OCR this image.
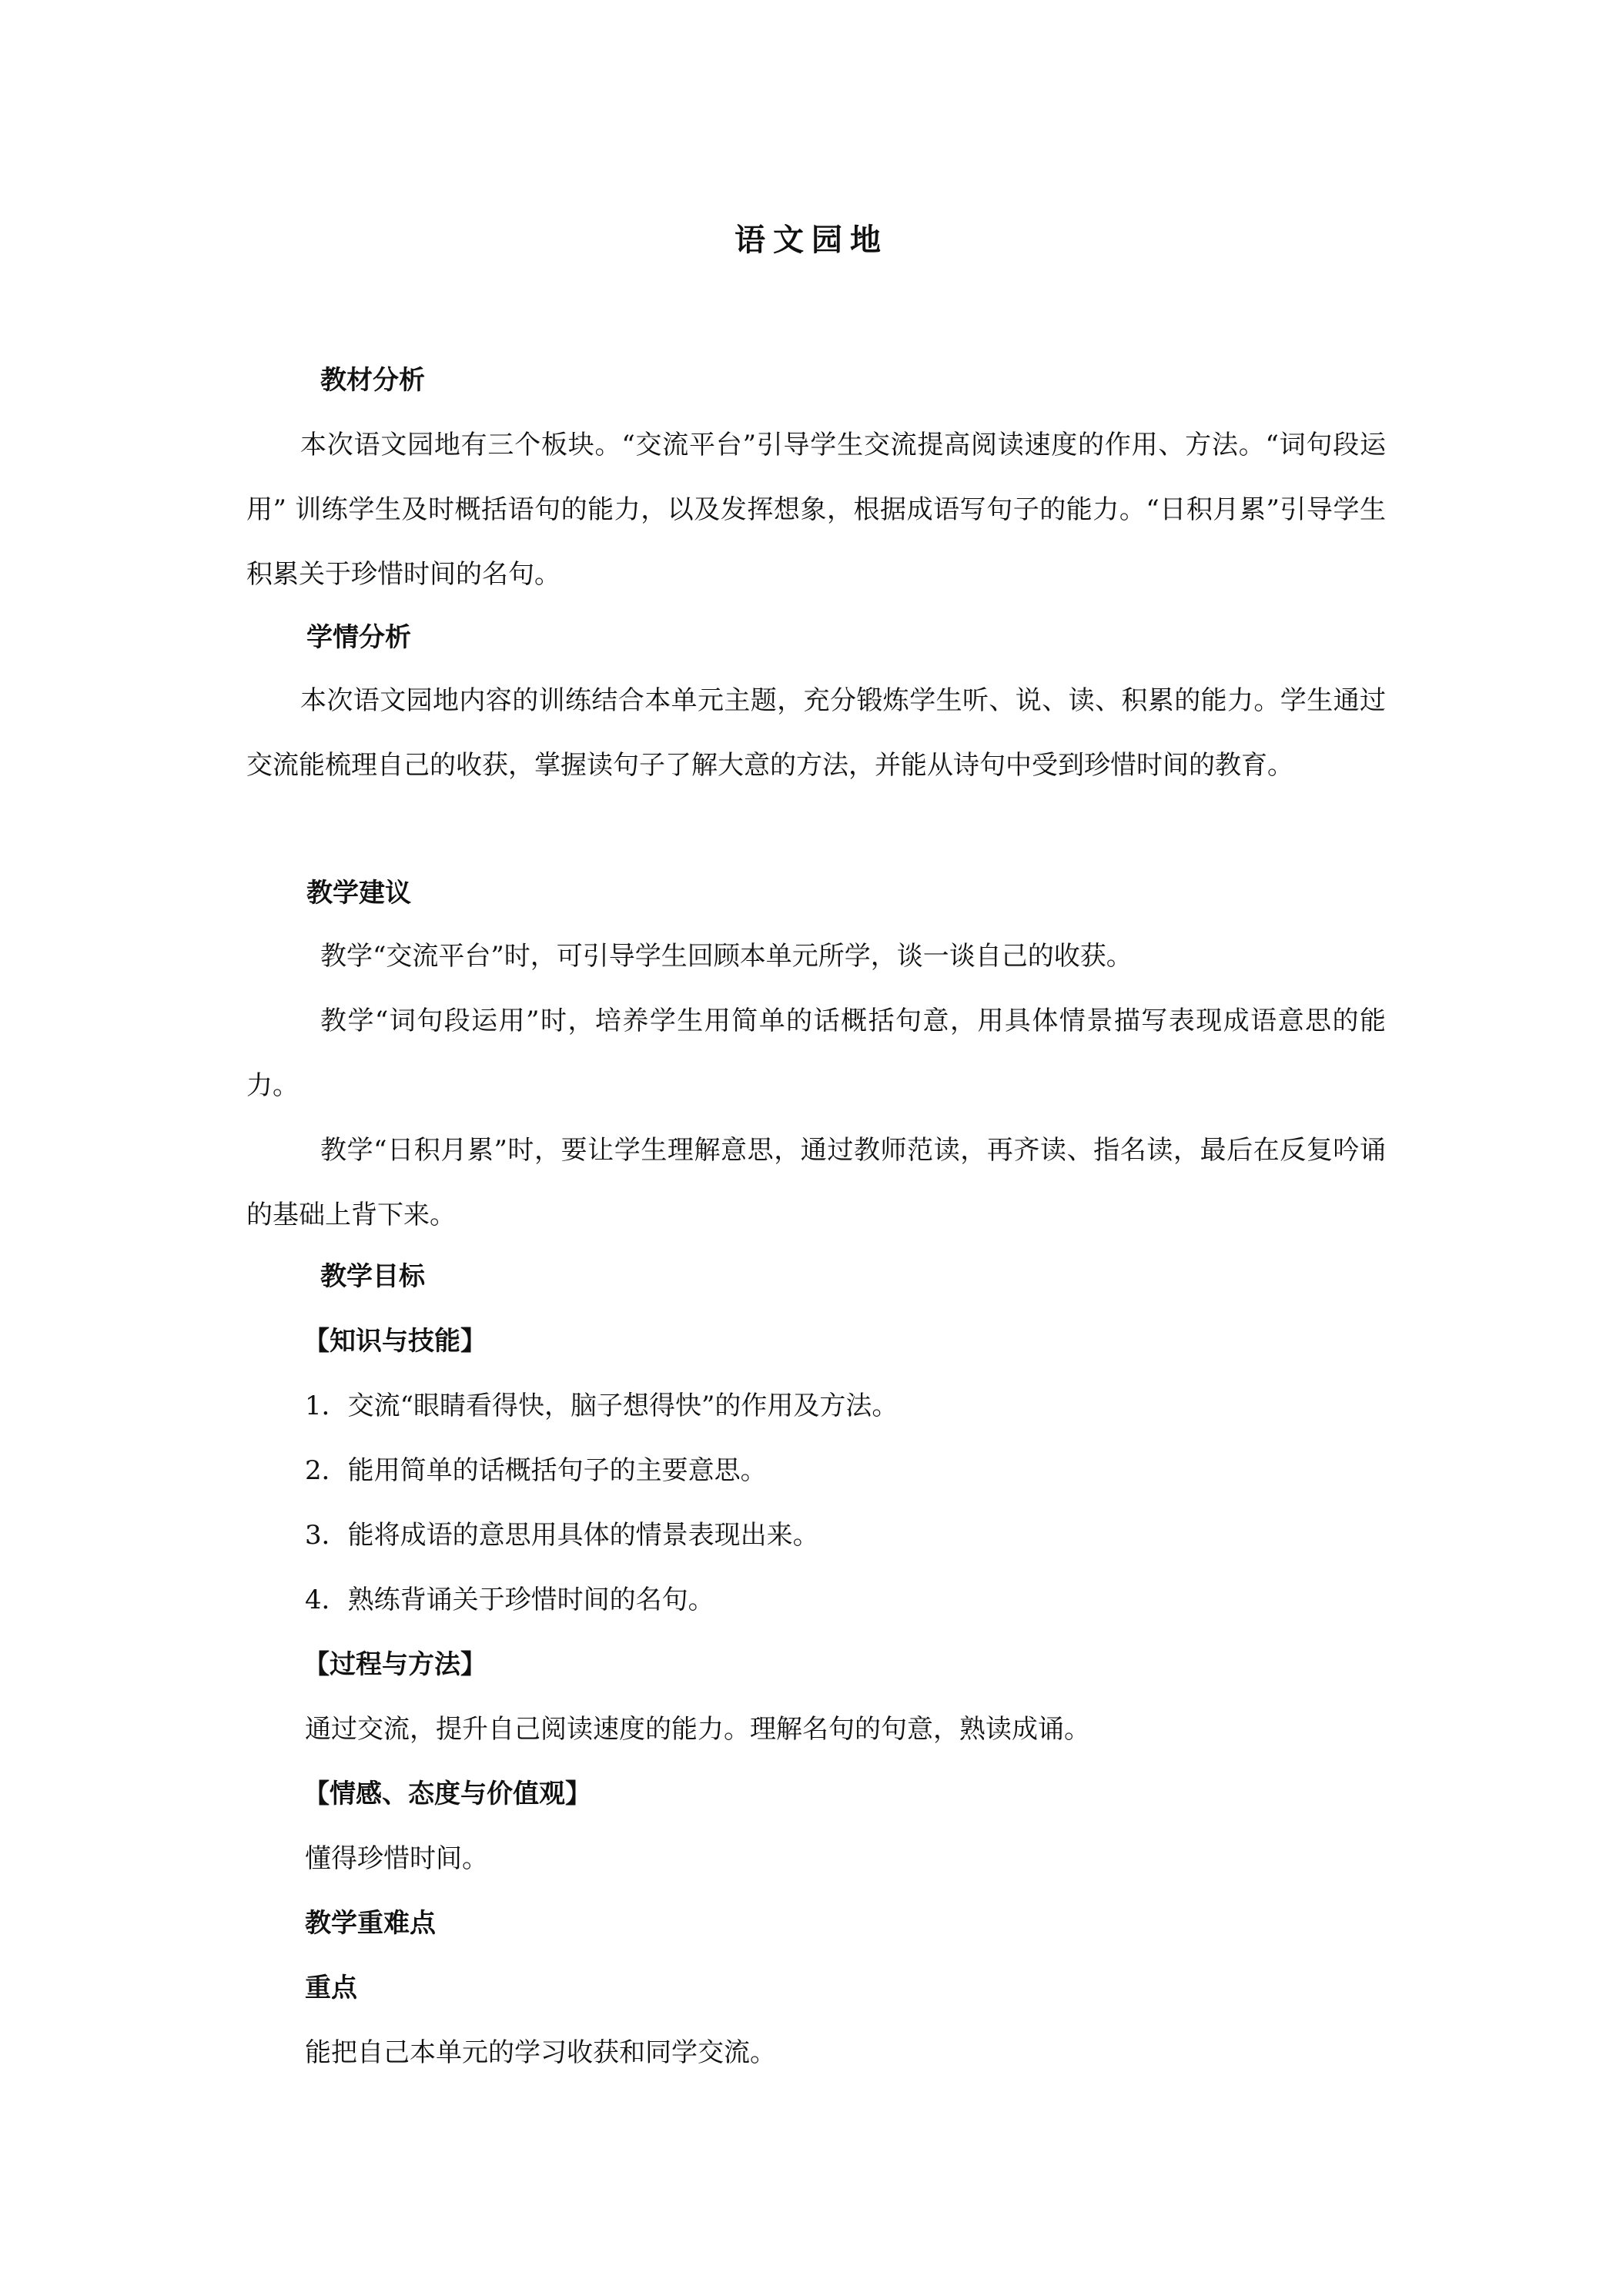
语文园地
教材分析
本次语文园地有三个板块。“交流平台”引导学生交流提高阅读速度的作用、方法。“词句段运用” 训练学生及时概括语句的能力，以及发挥想象，根据成语写句子的能力。“日积月累”引导学生积累关于珍惜时间的名句。
学情分析
本次语文园地内容的训练结合本单元主题，充分锻炼学生听、说、读、积累的能力。学生通过交流能梳理自己的收获，掌握读句子了解大意的方法，并能从诗句中受到珍惜时间的教育。
教学建议
教学“交流平台”时，可引导学生回顾本单元所学，谈一谈自己的收获。
教学“词句段运用”时，培养学生用简单的话概括句意，用具体情景描写表现成语意思的能力。
教学“日积月累”时，要让学生理解意思，通过教师范读，再齐读、指名读，最后在反复吟诵的基础上背下来。
教学目标
【知识与技能】
1．交流“眼睛看得快，脑子想得快”的作用及方法。
2．能用简单的话概括句子的主要意思。
3．能将成语的意思用具体的情景表现出来。
4．熟练背诵关于珍惜时间的名句。
【过程与方法】
通过交流，提升自己阅读速度的能力。理解名句的句意，熟读成诵。
【情感、态度与价值观】
懂得珍惜时间。
教学重难点
重点
能把自己本单元的学习收获和同学交流。
